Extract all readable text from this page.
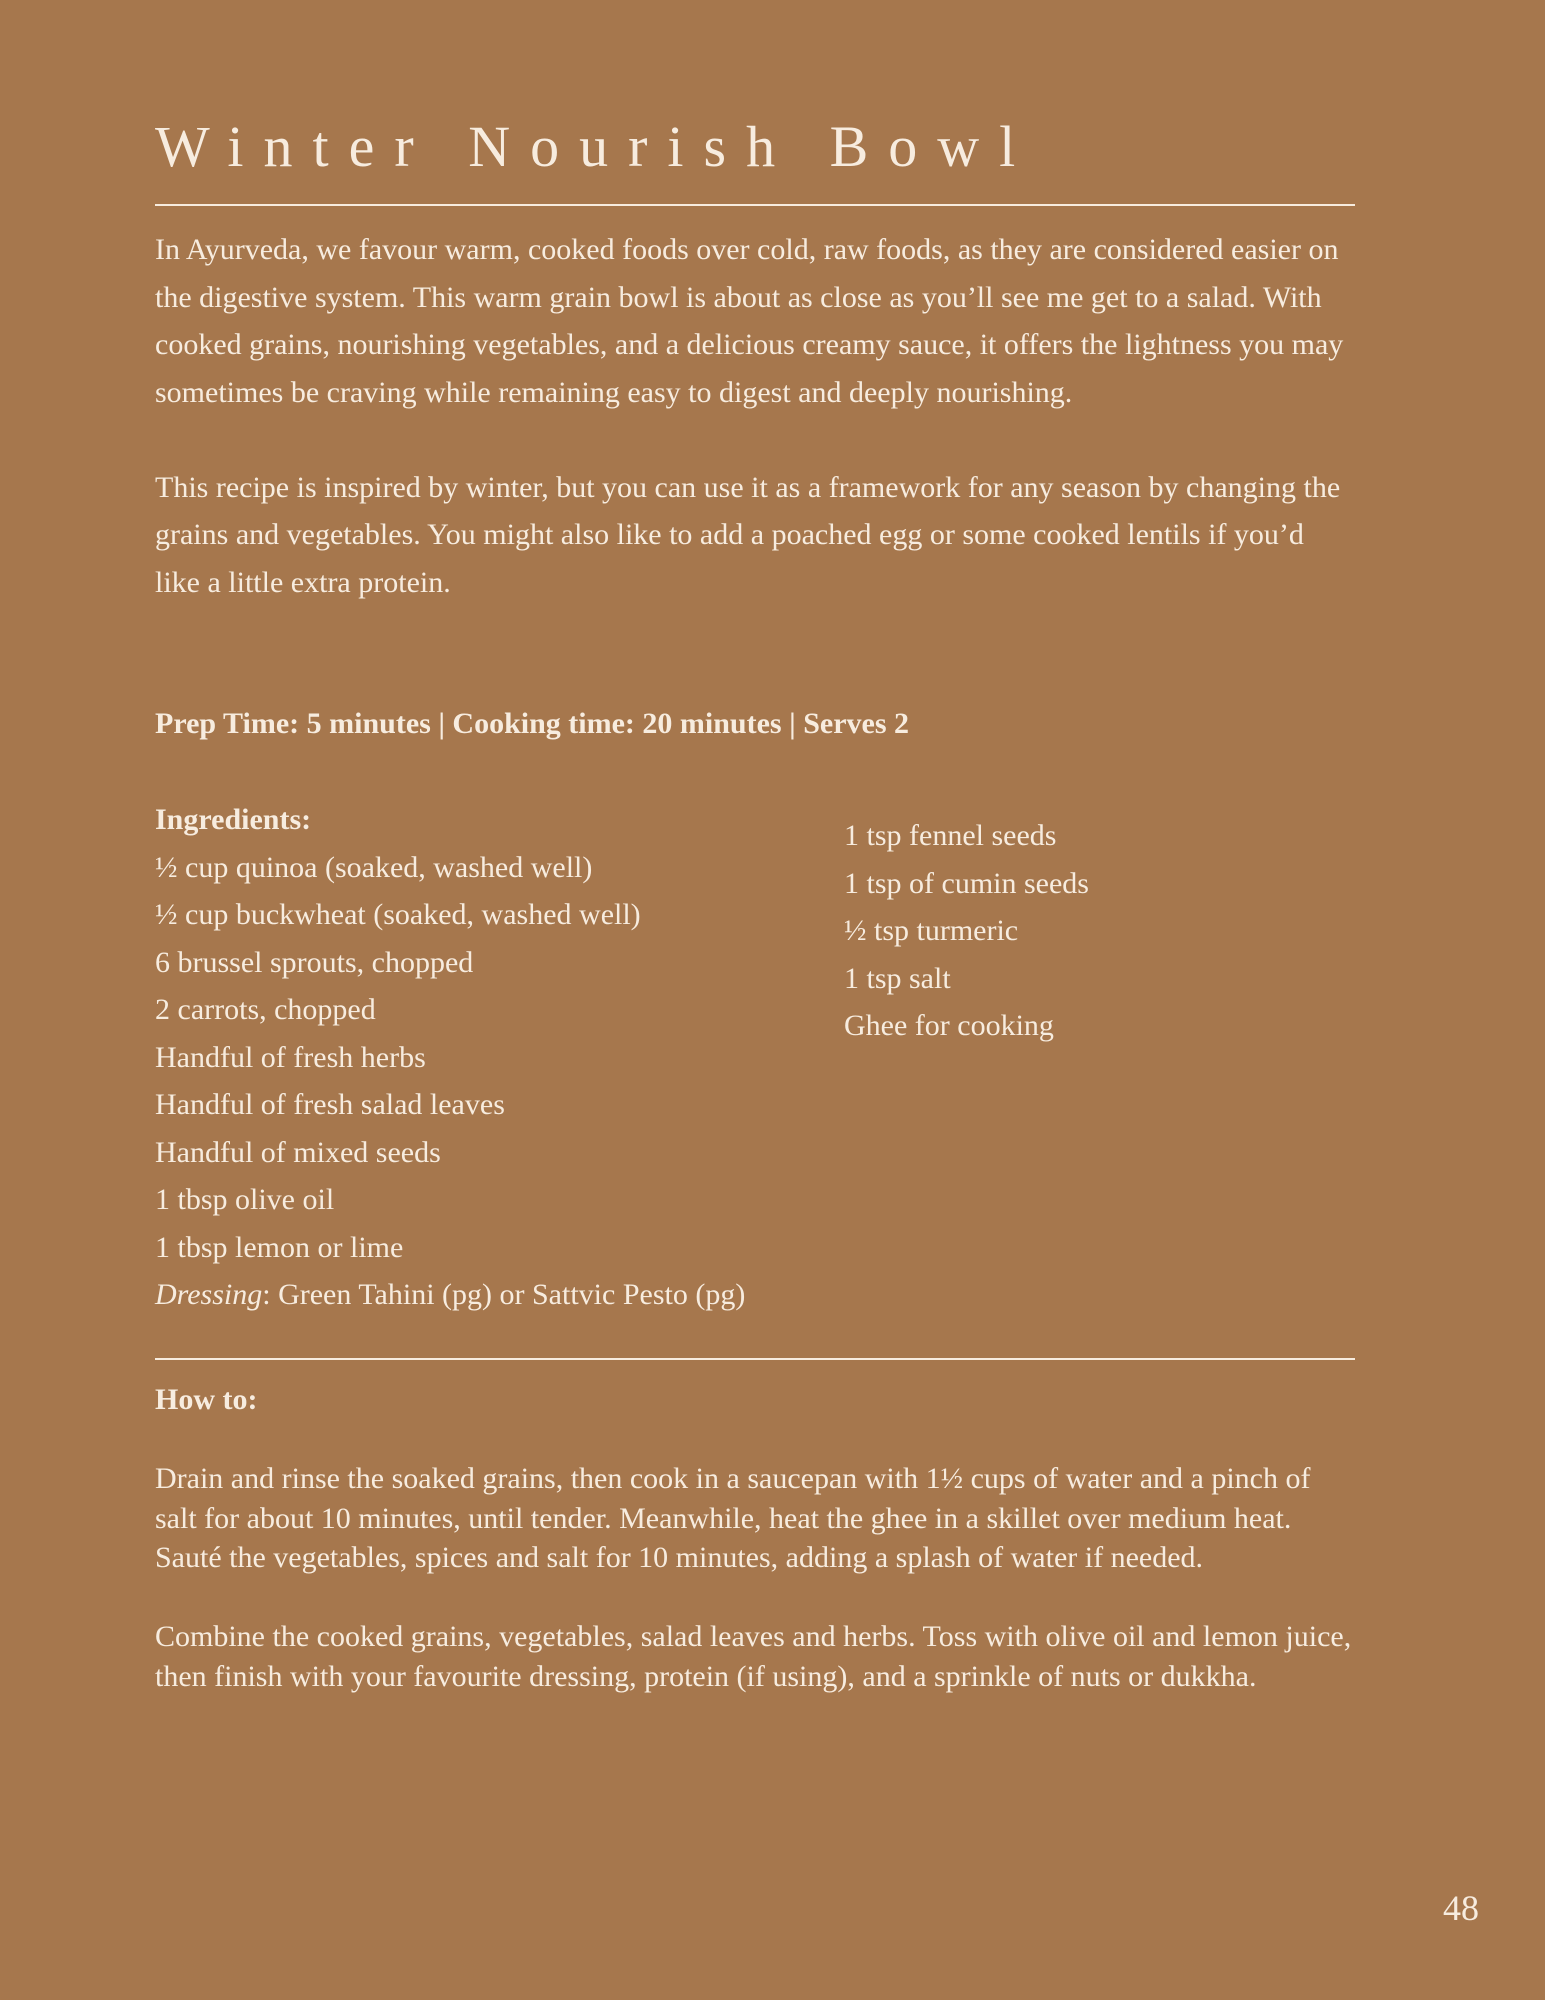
Winter Nourish Bowl

In Ayurveda, we favour warm, cooked foods over cold, raw foods, as they are considered easier on the digestive system. This warm grain bowl is about as close as you’ll see me get to a salad. With cooked grains, nourishing vegetables, and a delicious creamy sauce, it offers the lightness you may sometimes be craving while remaining easy to digest and deeply nourishing.

This recipe is inspired by winter, but you can use it as a framework for any season by changing the grains and vegetables. You might also like to add a poached egg or some cooked lentils if you’d like a little extra protein.

Prep Time: 5 minutes | Cooking time: 20 minutes | Serves 2

Ingredients:

½ cup quinoa (soaked, washed well)
½ cup buckwheat (soaked, washed well)
6 brussel sprouts, chopped
2 carrots, chopped
Handful of fresh herbs
Handful of fresh salad leaves
Handful of mixed seeds
1 tbsp olive oil
1 tbsp lemon or lime
Dressing: Green Tahini (pg) or Sattvic Pesto (pg)
1 tsp fennel seeds
1 tsp of cumin seeds
½ tsp turmeric
1 tsp salt
Ghee for cooking

How to:

Drain and rinse the soaked grains, then cook in a saucepan with 1½ cups of water and a pinch of salt for about 10 minutes, until tender. Meanwhile, heat the ghee in a skillet over medium heat. Sauté the vegetables, spices and salt for 10 minutes, adding a splash of water if needed.

Combine the cooked grains, vegetables, salad leaves and herbs. Toss with olive oil and lemon juice, then finish with your favourite dressing, protein (if using), and a sprinkle of nuts or dukkha.

48
